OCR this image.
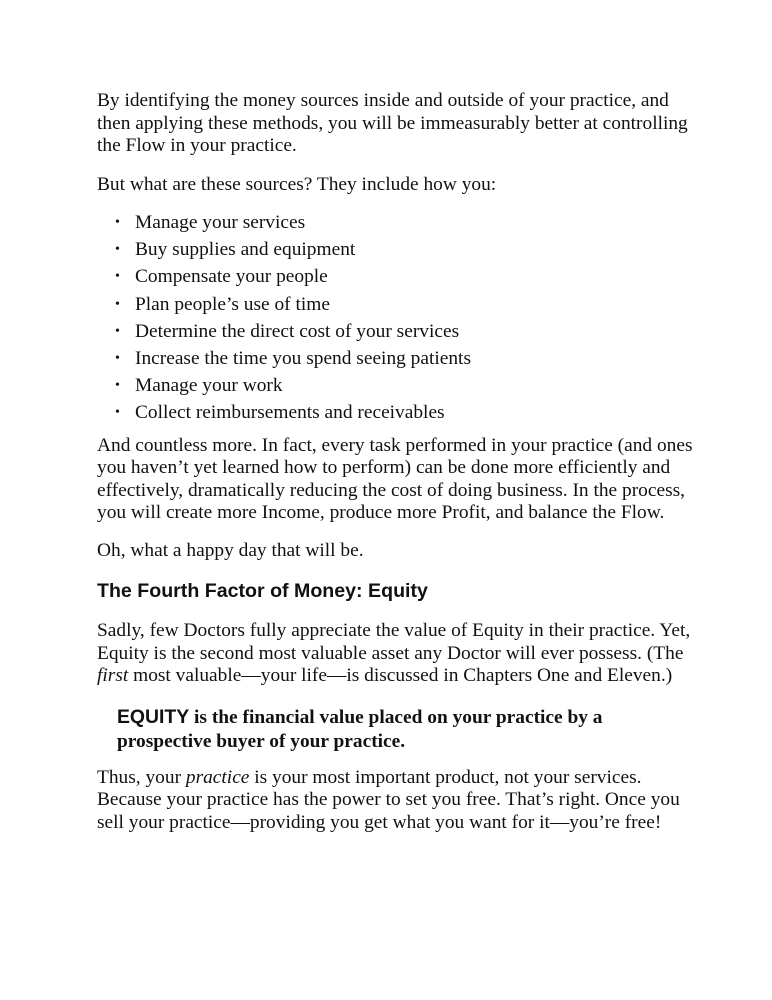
By identifying the money sources inside and outside of your practice, and then applying these methods, you will be immeasurably better at controlling the Flow in your practice.

But what are these sources? They include how you:

• Manage your services
• Buy supplies and equipment
• Compensate your people
• Plan people’s use of time
• Determine the direct cost of your services
• Increase the time you spend seeing patients
• Manage your work
• Collect reimbursements and receivables

And countless more. In fact, every task performed in your practice (and ones you haven’t yet learned how to perform) can be done more efficiently and effectively, dramatically reducing the cost of doing business. In the process, you will create more Income, produce more Profit, and balance the Flow.

Oh, what a happy day that will be.

The Fourth Factor of Money: Equity

Sadly, few Doctors fully appreciate the value of Equity in their practice. Yet, Equity is the second most valuable asset any Doctor will ever possess. (The first most valuable—your life—is discussed in Chapters One and Eleven.)

EQUITY is the financial value placed on your practice by a prospective buyer of your practice.

Thus, your practice is your most important product, not your services. Because your practice has the power to set you free. That’s right. Once you sell your practice—providing you get what you want for it—you’re free!
